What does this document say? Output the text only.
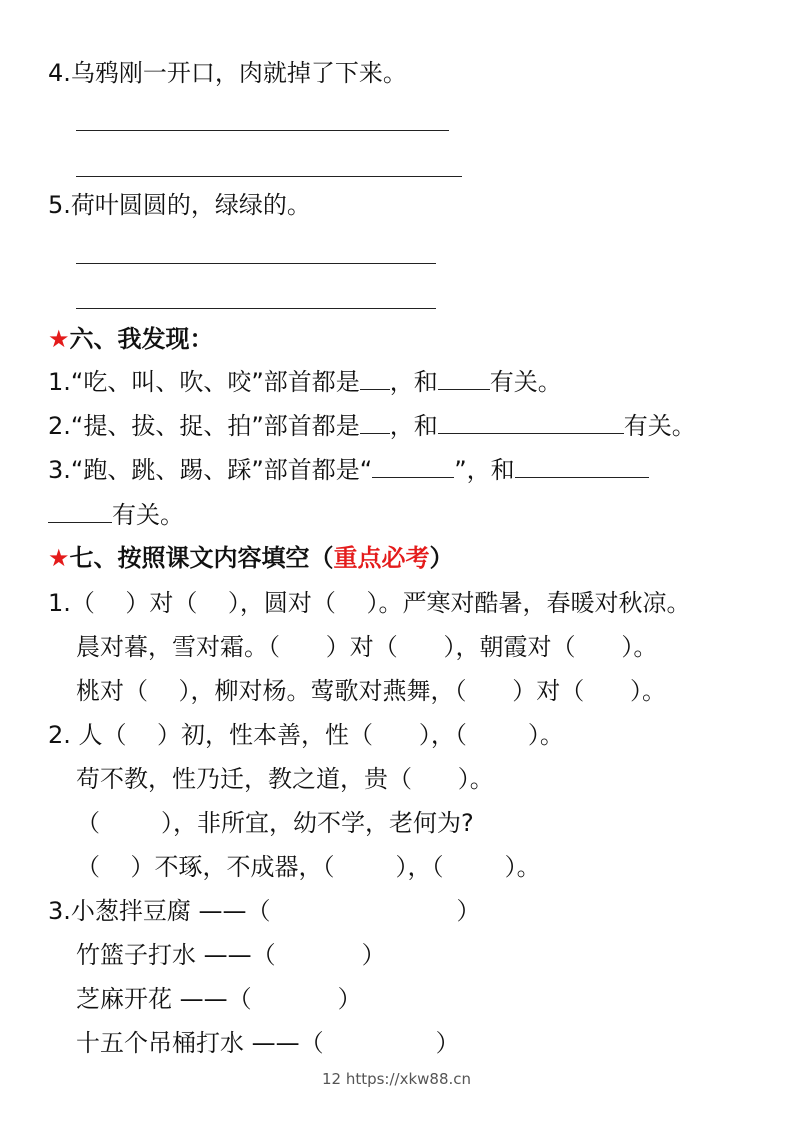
4.乌鸦刚一开口，肉就掉了下来。
5.荷叶圆圆的，绿绿的。
★六、我发现：
1.“吃、叫、吹、咬”部首都是 ，和 有关。
2.“提、拔、捉、拍”部首都是 ，和	有关。
3.“跑、跳、踢、踩”部首都是“	”，和
有关。
★七、按照课文内容填空（重点必考）
1.（    ）对（    ），圆对（    ）。严寒对酷暑，春暖对秋凉。
晨对暮，雪对霜。（      ）对（      ），朝霞对（      ）。
桃对（    ），柳对杨。莺歌对燕舞，（      ）对（      ）。
2. 人（    ）初，性本善，性（      ），（        ）。
苟不教，性乃迁，教之道，贵（      ）。
（        ），非所宜，幼不学，老何为?
（    ）不琢，不成器，（        ），（        ）。
3.小葱拌豆腐 ——（	）
竹篮子打水 ——（	）
芝麻开花 ——（	）
十五个吊桶打水 ——（	）
12 https://xkw88.cn
